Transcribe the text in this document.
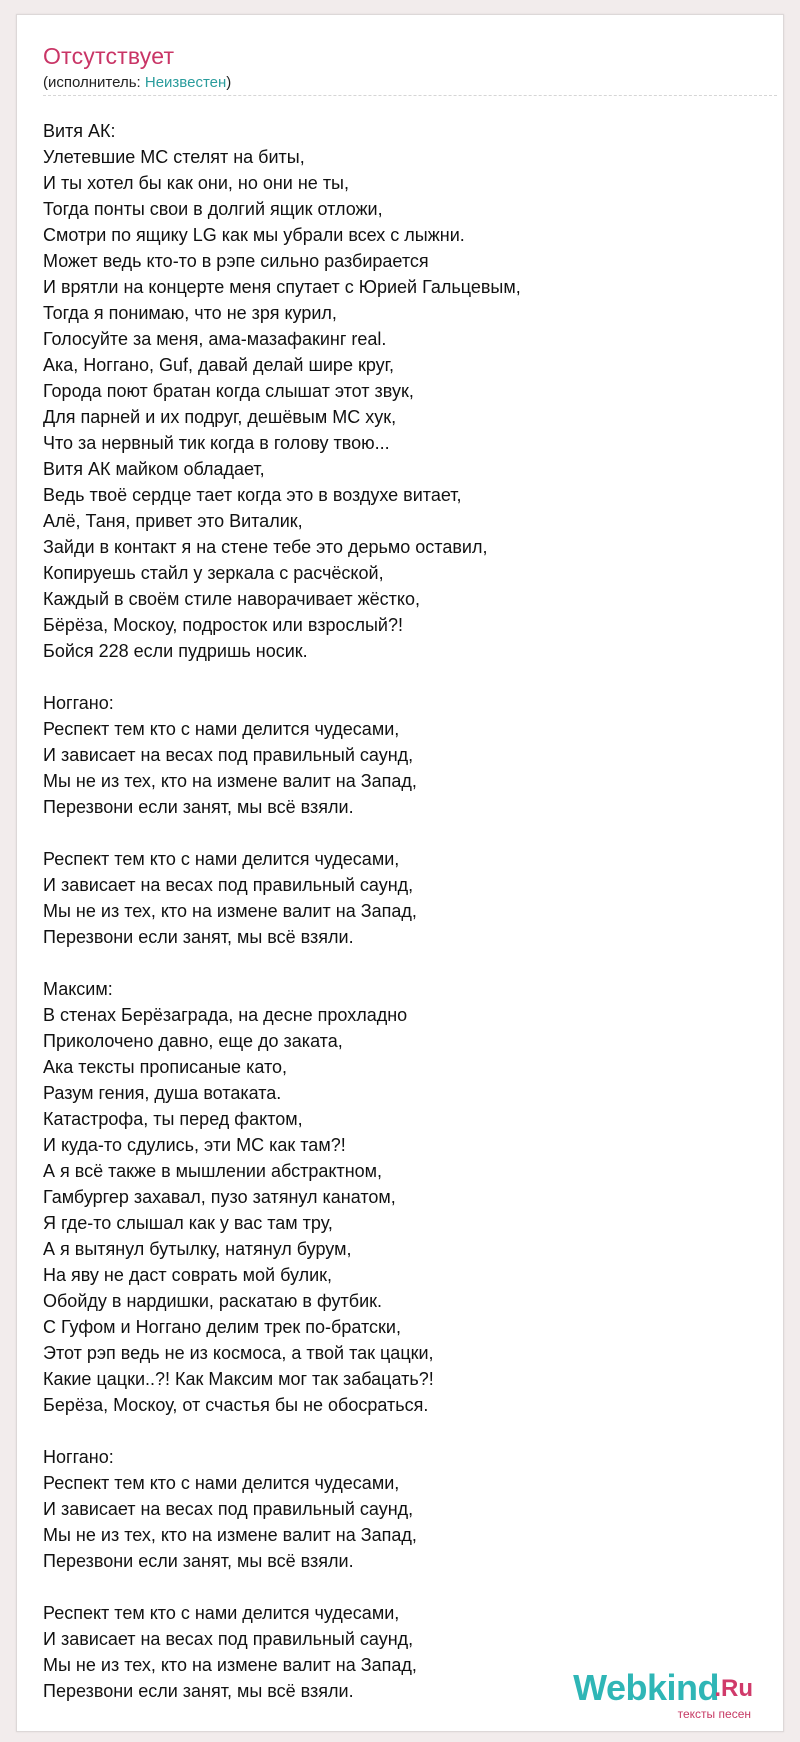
Отсутствует
(исполнитель: Неизвестен)
Витя АК:
Улетевшие МС стелят на биты,
И ты хотел бы как они, но они не ты,
Тогда понты свои в долгий ящик отложи,
Смотри по ящику LG как мы убрали всех с лыжни.
Может ведь кто-то в рэпе сильно разбирается
И врятли на концерте меня спутает с Юрией Гальцевым,
Тогда я понимаю, что не зря курил,
Голосуйте за меня, ама-мазафакинг real.
Ака, Ноггано, Guf, давай делай шире круг,
Города поют братан когда слышат этот звук,
Для парней и их подруг, дешёвым МС хук,
Что за нервный тик когда в голову твою...
Витя АК майком обладает,
Ведь твоё сердце тает когда это в воздухе витает,
Алё, Таня, привет это Виталик,
Зайди в контакт я на стене тебе это дерьмо оставил,
Копируешь стайл у зеркала с расчёской,
Каждый в своём стиле наворачивает жёстко,
Бёрёза, Москоу, подросток или взрослый?!
Бойся 228 если пудришь носик.
Ноггано:
Респект тем кто с нами делится чудесами,
И зависает на весах под правильный саунд,
Мы не из тех, кто на измене валит на Запад,
Перезвони если занят, мы всё взяли.
Респект тем кто с нами делится чудесами,
И зависает на весах под правильный саунд,
Мы не из тех, кто на измене валит на Запад,
Перезвони если занят, мы всё взяли.
Максим:
В стенах Берёзаграда, на десне прохладно
Приколочено давно, еще до заката,
Ака тексты прописаные като,
Разум гения, душа вотаката.
Катастрофа, ты перед фактом,
И куда-то сдулись, эти МС как там?!
А я всё также в мышлении абстрактном,
Гамбургер захавал, пузо затянул канатом,
Я где-то слышал как у вас там тру,
А я вытянул бутылку, натянул бурум,
На яву не даст соврать мой булик,
Обойду в нардишки, раскатаю в футбик.
С Гуфом и Ноггано делим трек по-братски,
Этот рэп ведь не из космоса, а твой так цацки,
Какие цацки..?! Как Максим мог так забацать?!
Берёза, Москоу, от счастья бы не обосраться.
Ноггано:
Респект тем кто с нами делится чудесами,
И зависает на весах под правильный саунд,
Мы не из тех, кто на измене валит на Запад,
Перезвони если занят, мы всё взяли.
Респект тем кто с нами делится чудесами,
И зависает на весах под правильный саунд,
Мы не из тех, кто на измене валит на Запад,
Перезвони если занят, мы всё взяли.	Webkind
.Ru
тексты песен
